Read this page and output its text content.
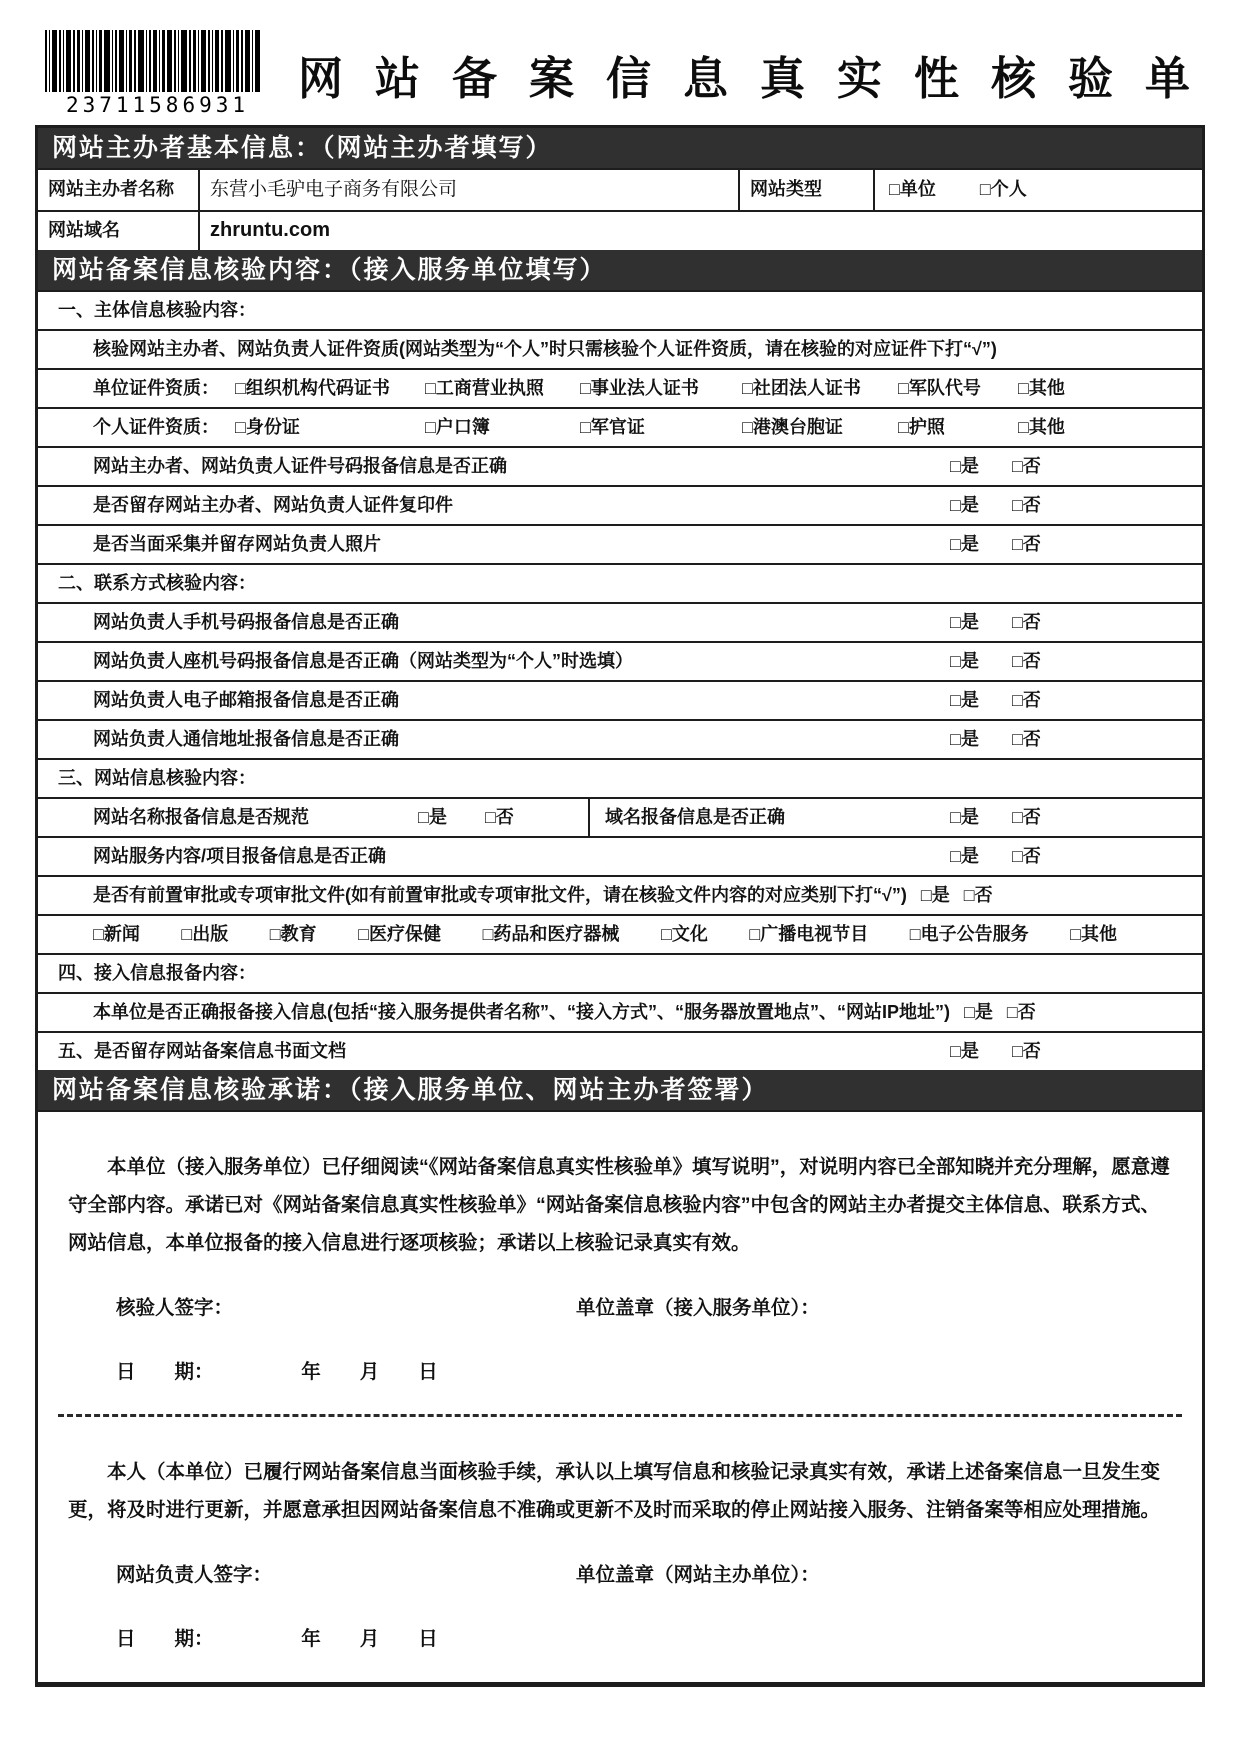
23711586931
网站备案信息真实性核验单
网站主办者基本信息：（网站主办者填写）
网站主办者名称	东营小毛驴电子商务有限公司	网站类型	□单位 □个人
网站域名	zhruntu.com
网站备案信息核验内容：（接入服务单位填写）
一、主体信息核验内容：
核验网站主办者、网站负责人证件资质(网站类型为“个人”时只需核验个人证件资质，请在核验的对应证件下打“√”)
单位证件资质： □组织机构代码证书	□工商营业执照	□事业法人证书	□社团法人证书	□军队代号	□其他
个人证件资质： □身份证	□户口簿	□军官证	□港澳台胞证	□护照	□其他
网站主办者、网站负责人证件号码报备信息是否正确	□是 □否
是否留存网站主办者、网站负责人证件复印件	□是 □否
是否当面采集并留存网站负责人照片	□是 □否
二、联系方式核验内容：
网站负责人手机号码报备信息是否正确	□是 □否
网站负责人座机号码报备信息是否正确（网站类型为“个人”时选填）	□是 □否
网站负责人电子邮箱报备信息是否正确	□是 □否
网站负责人通信地址报备信息是否正确	□是 □否
三、网站信息核验内容：
网站名称报备信息是否规范	□是 □否	域名报备信息是否正确	□是 □否
网站服务内容/项目报备信息是否正确	□是 □否
是否有前置审批或专项审批文件(如有前置审批或专项审批文件，请在核验文件内容的对应类别下打“√”) □是 □否
□新闻 □出版 □教育 □医疗保健 □药品和医疗器械 □文化 □广播电视节目 □电子公告服务 □其他
四、接入信息报备内容：
本单位是否正确报备接入信息(包括“接入服务提供者名称”、“接入方式”、“服务器放置地点”、“网站IP地址”) □是 □否
五、是否留存网站备案信息书面文档	□是 □否
网站备案信息核验承诺：（接入服务单位、网站主办者签署）
本单位（接入服务单位）已仔细阅读“《网站备案信息真实性核验单》填写说明”，对说明内容已全部知晓并充分理解，愿意遵守全部内容。承诺已对《网站备案信息真实性核验单》“网站备案信息核验内容”中包含的网站主办者提交主体信息、联系方式、网站信息，本单位报备的接入信息进行逐项核验；承诺以上核验记录真实有效。
核验人签字：	单位盖章（接入服务单位）：
日　　期：　　　　　年　　月　　日
本人（本单位）已履行网站备案信息当面核验手续，承认以上填写信息和核验记录真实有效，承诺上述备案信息一旦发生变更，将及时进行更新，并愿意承担因网站备案信息不准确或更新不及时而采取的停止网站接入服务、注销备案等相应处理措施。
网站负责人签字：	单位盖章（网站主办单位）：
日　　期：　　　　　年　　月　　日
